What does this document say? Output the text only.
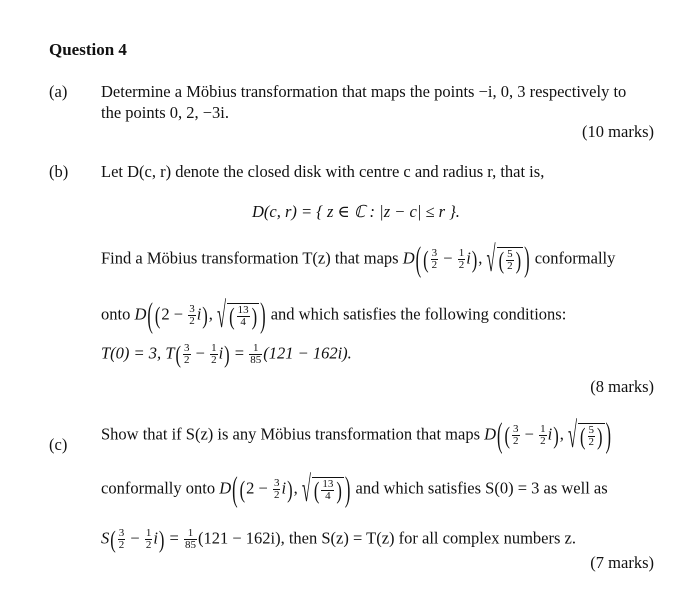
Question 4
(a) Determine a Möbius transformation that maps the points −i, 0, 3 respectively to
the points 0, 2, −3i.
(10 marks)
(b) Let D(c, r) denote the closed disk with centre c and radius r, that is,
D(c, r) = { z ∈ ℂ : |z − c| ≤ r }.
Find a Möbius transformation T(z) that maps D( ( $\frac{3}{2} - \frac{1}{2} i$), √ ( $\frac{5}{2}$ ) ) conformally
onto D( $(2 - \frac{3}{2} i)$, √ ( $\frac{13}{4}$ ) ) and which satisfies the following conditions:
T(0) = 3, $T( \frac{3}{2} - \frac{1}{2} i) = \frac{1}{85} (121 - 162i)$.
(8 marks)
(c)
Show that if S(z) is any Möbius transformation that maps D( ( $\frac{3}{2} - \frac{1}{2} i$), √ ( $\frac{5}{2}$ ) )
conformally onto D( $(2 - \frac{3}{2} i)$, √ ( $\frac{13}{4}$ ) ) and which satisfies S(0) = 3 as well as
$S( \frac{3}{2} - \frac{1}{2} i) = \frac{1}{85} (121 - 162i)$, then S(z) = T(z) for all complex numbers z.
(7 marks)
